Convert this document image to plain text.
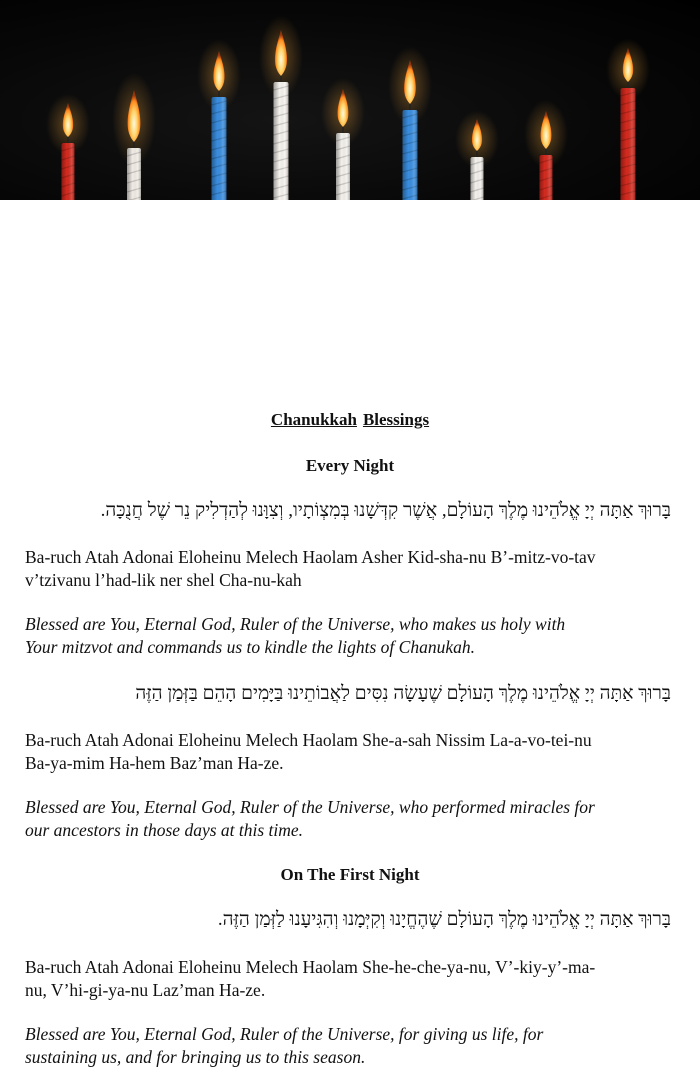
Chanukkah Blessings
Every Night
בָּרוּךְ אַתָּה יְיָ אֱלֹהֵינוּ מֶלֶךְ הָעוֹלָם, אֲשֶׁר קִדְּשָׁנוּ בְּמִצְוֹתָיו, וְצִוָּנוּ לְהַדְלִיק נֵר שֶׁל חֲנֻכָּה.
Ba-ruch Atah Adonai Eloheinu Melech Haolam Asher Kid-sha-nu B’-mitz-vo-tav
v’tzivanu l’had-lik ner shel Cha-nu-kah
Blessed are You, Eternal God, Ruler of the Universe, who makes us holy with
Your mitzvot and commands us to kindle the lights of Chanukah.
בָּרוּךְ אַתָּה יְיָ אֱלֹהֵינוּ מֶלֶךְ הָעוֹלָם שֶׁעָשָׂה נִסִּים לַאֲבוֹתֵינוּ בַּיָּמִים הָהֵם בַּזְּמַן הַזֶּה
Ba-ruch Atah Adonai Eloheinu Melech Haolam She-a-sah Nissim La-a-vo-tei-nu
Ba-ya-mim Ha-hem Baz’man Ha-ze.
Blessed are You, Eternal God, Ruler of the Universe, who performed miracles for
our ancestors in those days at this time.
On The First Night
בָּרוּךְ אַתָּה יְיָ אֱלֹהֵינוּ מֶלֶךְ הָעוֹלָם שֶׁהֶחֱיָנוּ וְקִיְּמָנוּ וְהִגִּיעָנוּ לַזְּמַן הַזֶּה.
Ba-ruch Atah Adonai Eloheinu Melech Haolam She-he-che-ya-nu, V’-kiy-y’-ma-
nu, V’hi-gi-ya-nu Laz’man Ha-ze.
Blessed are You, Eternal God, Ruler of the Universe, for giving us life, for
sustaining us, and for bringing us to this season.
